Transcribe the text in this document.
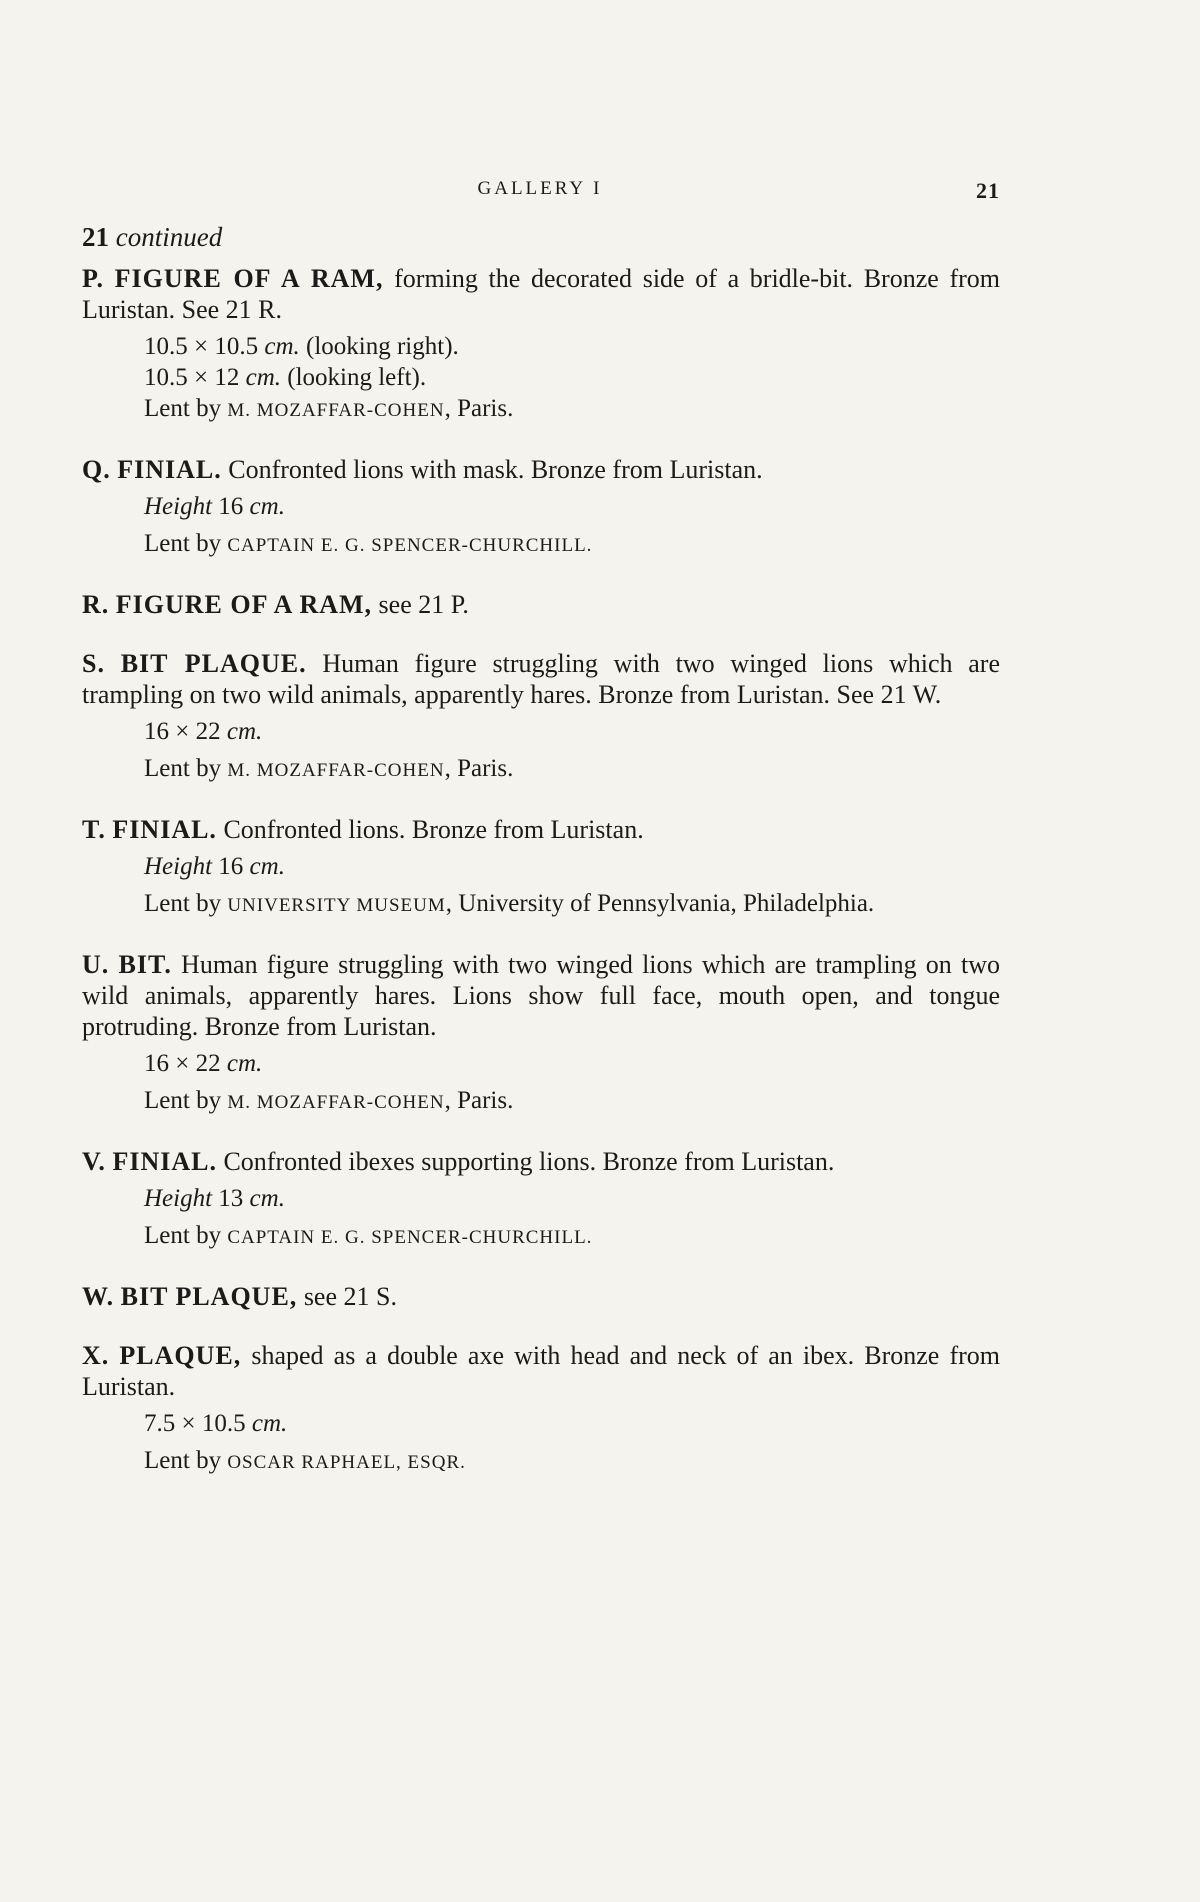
GALLERY I	21

21 continued

P. FIGURE OF A RAM, forming the decorated side of a bridle-bit. Bronze from Luristan. See 21 R.

10.5 × 10.5 cm. (looking right).

10.5 × 12 cm. (looking left).

Lent by M. MOZAFFAR-COHEN, Paris.

Q. FINIAL. Confronted lions with mask. Bronze from Luristan.

Height 16 cm.

Lent by CAPTAIN E. G. SPENCER-CHURCHILL.

R. FIGURE OF A RAM, see 21 P.

S. BIT PLAQUE. Human figure struggling with two winged lions which are trampling on two wild animals, apparently hares. Bronze from Luristan. See 21 W.

16 × 22 cm.

Lent by M. MOZAFFAR-COHEN, Paris.

T. FINIAL. Confronted lions. Bronze from Luristan.

Height 16 cm.

Lent by UNIVERSITY MUSEUM, University of Pennsylvania, Philadelphia.

U. BIT. Human figure struggling with two winged lions which are trampling on two wild animals, apparently hares. Lions show full face, mouth open, and tongue protruding. Bronze from Luristan.

16 × 22 cm.

Lent by M. MOZAFFAR-COHEN, Paris.

V. FINIAL. Confronted ibexes supporting lions. Bronze from Luristan.

Height 13 cm.

Lent by CAPTAIN E. G. SPENCER-CHURCHILL.

W. BIT PLAQUE, see 21 S.

X. PLAQUE, shaped as a double axe with head and neck of an ibex. Bronze from Luristan.

7.5 × 10.5 cm.

Lent by OSCAR RAPHAEL, ESQR.
